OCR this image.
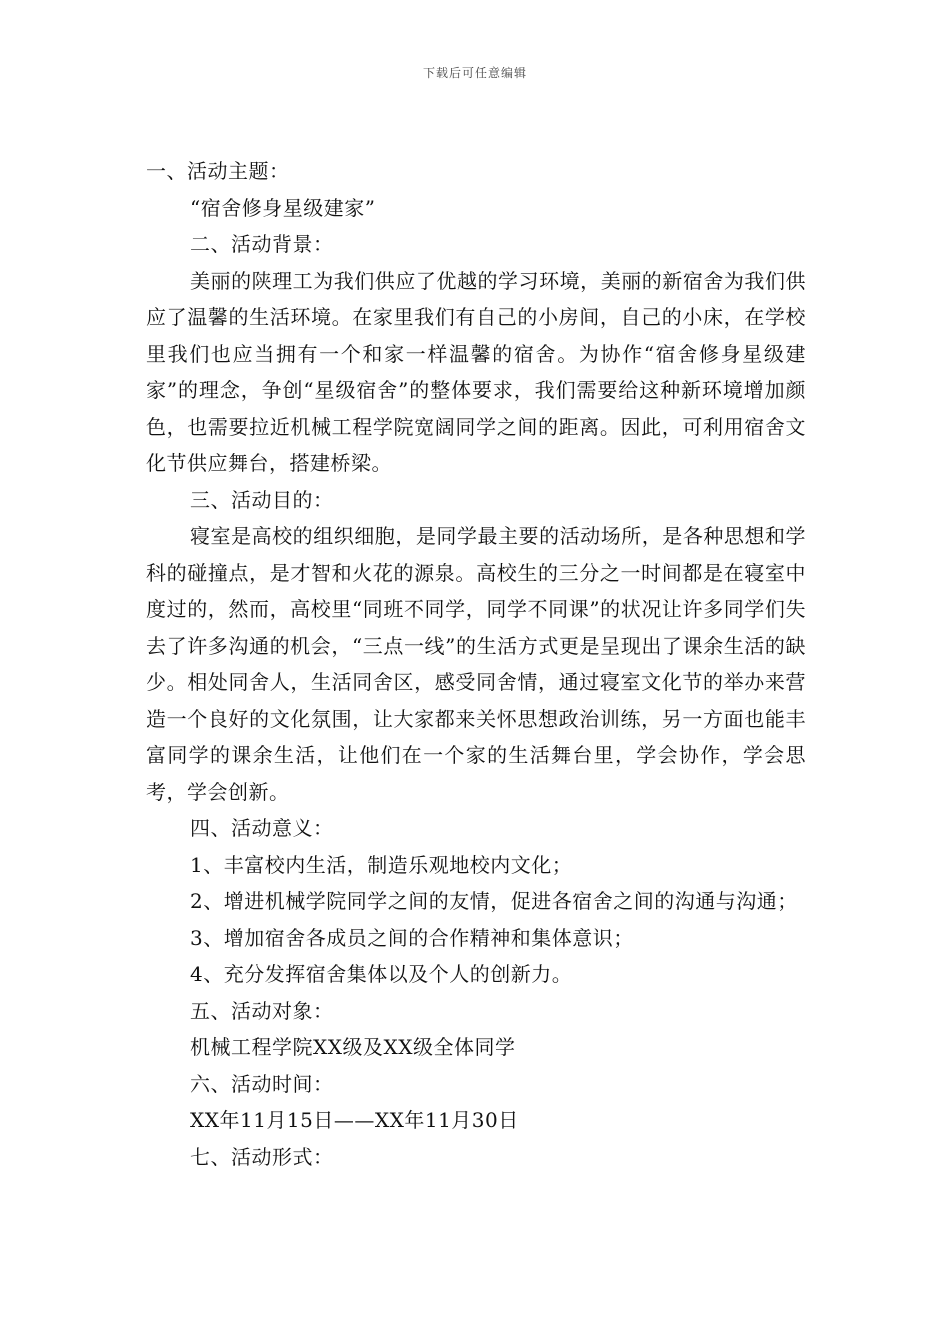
下载后可任意编辑

一、活动主题：

“宿舍修身星级建家”

二、活动背景：

美丽的陕理工为我们供应了优越的学习环境，美丽的新宿舍为我们供应了温馨的生活环境。在家里我们有自己的小房间，自己的小床，在学校里我们也应当拥有一个和家一样温馨的宿舍。为协作“宿舍修身星级建家”的理念，争创“星级宿舍”的整体要求，我们需要给这种新环境增加颜色，也需要拉近机械工程学院宽阔同学之间的距离。因此，可利用宿舍文化节供应舞台，搭建桥梁。

三、活动目的：

寝室是高校的组织细胞，是同学最主要的活动场所，是各种思想和学科的碰撞点，是才智和火花的源泉。高校生的三分之一时间都是在寝室中度过的，然而，高校里“同班不同学，同学不同课”的状况让许多同学们失去了许多沟通的机会，“三点一线”的生活方式更是呈现出了课余生活的缺少。相处同舍人，生活同舍区，感受同舍情，通过寝室文化节的举办来营造一个良好的文化氛围，让大家都来关怀思想政治训练，另一方面也能丰富同学的课余生活，让他们在一个家的生活舞台里，学会协作，学会思考，学会创新。

四、活动意义：

1、丰富校内生活，制造乐观地校内文化；

2、增进机械学院同学之间的友情，促进各宿舍之间的沟通与沟通；

3、增加宿舍各成员之间的合作精神和集体意识；

4、充分发挥宿舍集体以及个人的创新力。

五、活动对象：

机械工程学院XX级及XX级全体同学

六、活动时间：

XX年11月15日——XX年11月30日

七、活动形式：
